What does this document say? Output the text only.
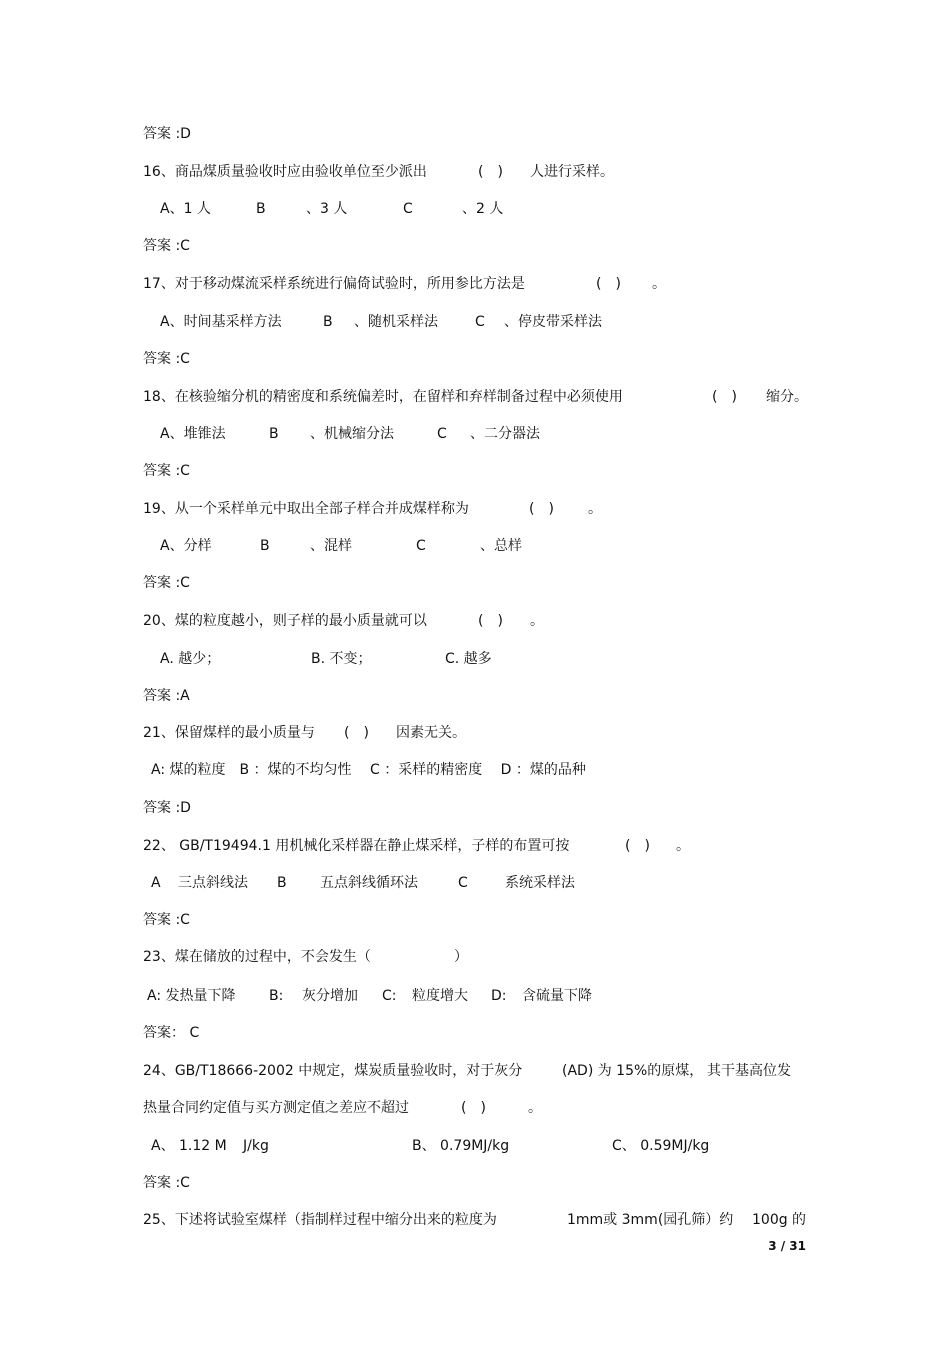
答案 :D
16、商品煤质量验收时应由验收单位至少派出	(　) 人进行采样。
A、1 人	B	、3 人	C	、2 人
答案 :C
17、对于移动煤流采样系统进行偏倚试验时，所用参比方法是	(　) 。
A、时间基采样方法	B 、随机采样法	C 、停皮带采样法
答案 :C
18、在核验缩分机的精密度和系统偏差时，在留样和弃样制备过程中必须使用	(　) 缩分。
A、堆锥法	B 、机械缩分法	C 、二分器法
答案 :C
19、从一个采样单元中取出全部子样合并成煤样称为	(　) 。
A、分样	B	、混样	C	、总样
答案 :C
20、煤的粒度越小，则子样的最小质量就可以	(　) 。
A. 越少；	B. 不变；	C. 越多
答案 :A
21、保留煤样的最小质量与 (　) 因素无关。
A: 煤的粒度　B ：煤的不均匀性　 C ：采样的精密度　 D ：煤的品种
答案 :D
22、 GB/T19494.1 用机械化采样器在静止煤采样，子样的布置可按	(　) 。
A 三点斜线法 B 五点斜线循环法	C	系统采样法
答案 :C
23、煤在储放的过程中，不会发生（	）
A: 发热量下降 B: 灰分增加 C: 粒度增大 D: 含硫量下降
答案： C
24、GB/T18666-2002 中规定，煤炭质量验收时，对于灰分	(AD) 为 15%的原煤， 其干基高位发
热量合同约定值与买方测定值之差应不超过	(　)	。
A、 1.12 M J/kg	B、 0.79MJ/kg	C、 0.59MJ/kg
答案 :C
25、下述将试验室煤样（指制样过程中缩分出来的粒度为	1mm或 3mm(园孔筛）约 100g 的
3 / 31
